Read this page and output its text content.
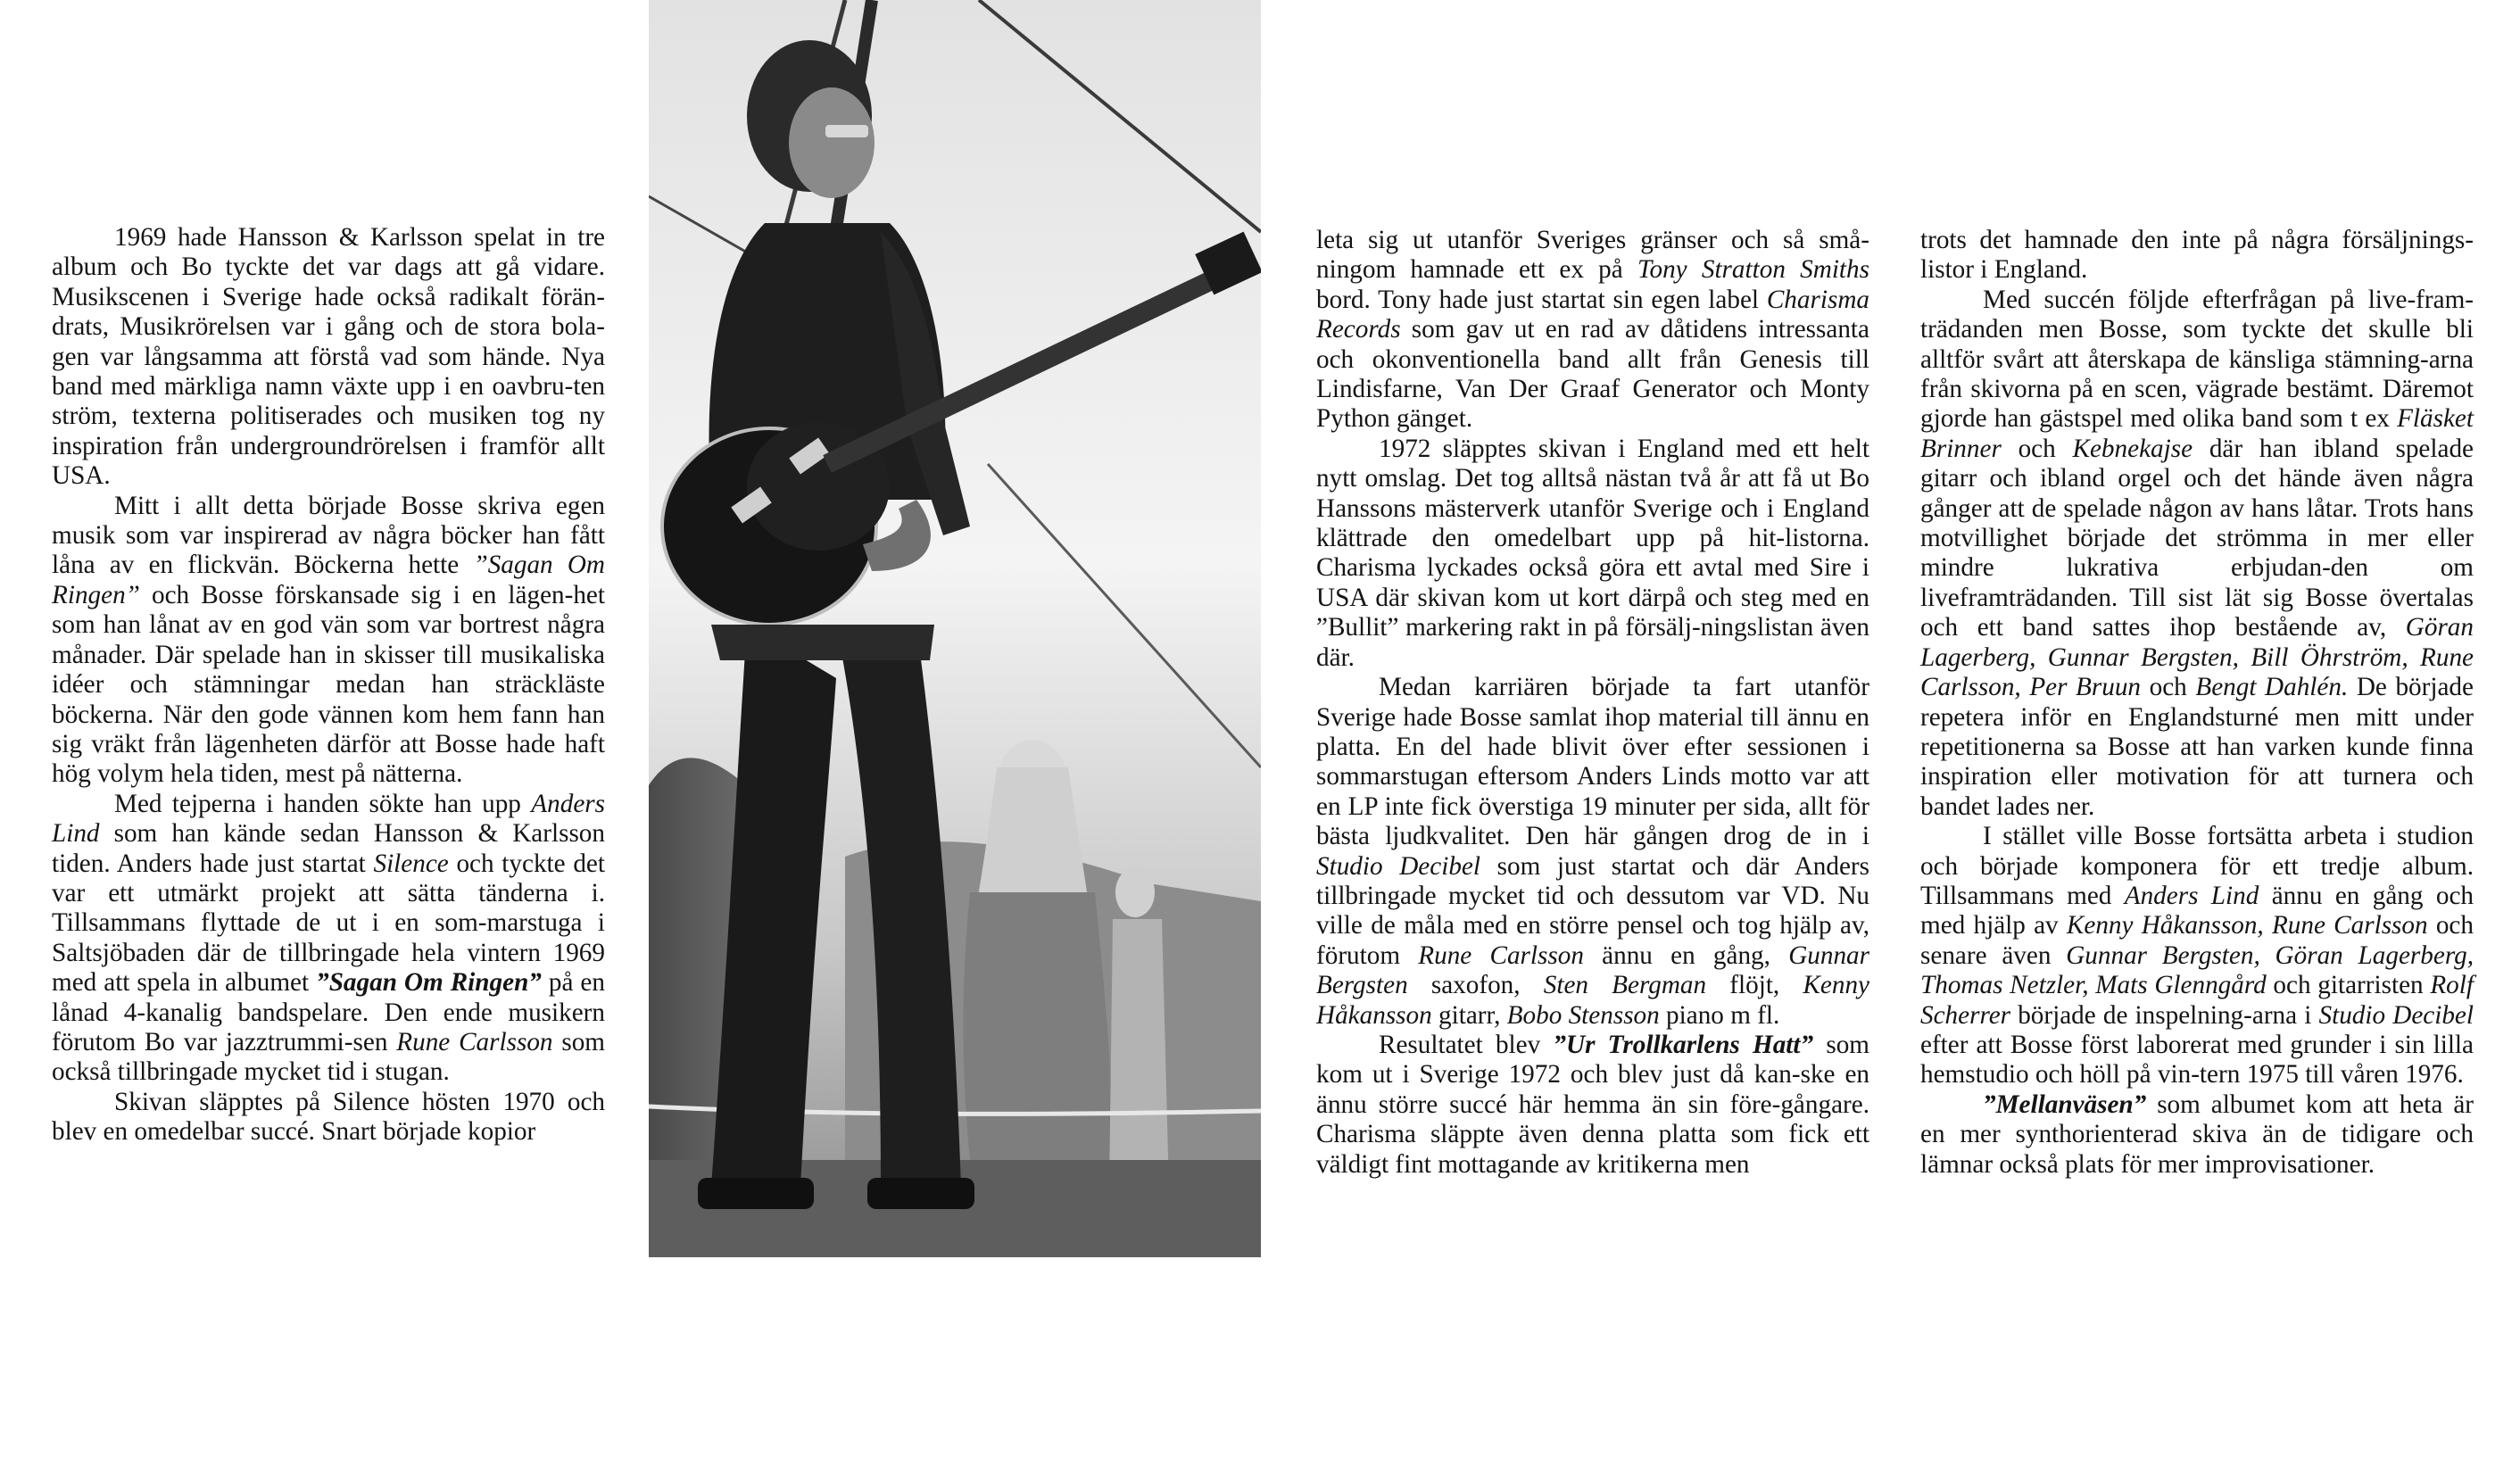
1969 hade Hansson & Karlsson spelat in tre album och Bo tyckte det var dags att gå vidare. Musikscenen i Sverige hade också radikalt förän-drats, Musikrörelsen var i gång och de stora bola-gen var långsamma att förstå vad som hände. Nya band med märkliga namn växte upp i en oavbru-ten ström, texterna politiserades och musiken tog ny inspiration från undergroundrörelsen i framför allt USA.

Mitt i allt detta började Bosse skriva egen musik som var inspirerad av några böcker han fått låna av en flickvän. Böckerna hette ”Sagan Om Ringen” och Bosse förskansade sig i en lägen-het som han lånat av en god vän som var bortrest några månader. Där spelade han in skisser till musikaliska idéer och stämningar medan han sträckläste böckerna. När den gode vännen kom hem fann han sig vräkt från lägenheten därför att Bosse hade haft hög volym hela tiden, mest på nätterna.

Med tejperna i handen sökte han upp Anders Lind som han kände sedan Hansson & Karlsson tiden. Anders hade just startat Silence och tyckte det var ett utmärkt projekt att sätta tänderna i. Tillsammans flyttade de ut i en som-marstuga i Saltsjöbaden där de tillbringade hela vintern 1969 med att spela in albumet ”Sagan Om Ringen” på en lånad 4-kanalig bandspelare. Den ende musikern förutom Bo var jazztrummi-sen Rune Carlsson som också tillbringade mycket tid i stugan.

Skivan släpptes på Silence hösten 1970 och blev en omedelbar succé. Snart började kopior

leta sig ut utanför Sveriges gränser och så små-ningom hamnade ett ex på Tony Stratton Smiths bord. Tony hade just startat sin egen label Charisma Records som gav ut en rad av dåtidens intressanta och okonventionella band allt från Genesis till Lindisfarne, Van Der Graaf Generator och Monty Python gänget.

1972 släpptes skivan i England med ett helt nytt omslag. Det tog alltså nästan två år att få ut Bo Hanssons mästerverk utanför Sverige och i England klättrade den omedelbart upp på hit-listorna. Charisma lyckades också göra ett avtal med Sire i USA där skivan kom ut kort därpå och steg med en ”Bullit” markering rakt in på försälj-ningslistan även där.

Medan karriären började ta fart utanför Sverige hade Bosse samlat ihop material till ännu en platta. En del hade blivit över efter sessionen i sommarstugan eftersom Anders Linds motto var att en LP inte fick överstiga 19 minuter per sida, allt för bästa ljudkvalitet. Den här gången drog de in i Studio Decibel som just startat och där Anders tillbringade mycket tid och dessutom var VD. Nu ville de måla med en större pensel och tog hjälp av, förutom Rune Carlsson ännu en gång, Gunnar Bergsten saxofon, Sten Bergman flöjt, Kenny Håkansson gitarr, Bobo Stensson piano m fl.

Resultatet blev ”Ur Trollkarlens Hatt” som kom ut i Sverige 1972 och blev just då kan-ske en ännu större succé här hemma än sin före-gångare. Charisma släppte även denna platta som fick ett väldigt fint mottagande av kritikerna men

trots det hamnade den inte på några försäljnings-listor i England.

Med succén följde efterfrågan på live-fram-trädanden men Bosse, som tyckte det skulle bli alltför svårt att återskapa de känsliga stämning-arna från skivorna på en scen, vägrade bestämt. Däremot gjorde han gästspel med olika band som t ex Fläsket Brinner och Kebnekajse där han ibland spelade gitarr och ibland orgel och det hände även några gånger att de spelade någon av hans låtar. Trots hans motvillighet började det strömma in mer eller mindre lukrativa erbjudan-den om liveframträdanden. Till sist lät sig Bosse övertalas och ett band sattes ihop bestående av, Göran Lagerberg, Gunnar Bergsten, Bill Öhrström, Rune Carlsson, Per Bruun och Bengt Dahlén. De började repetera inför en Englandsturné men mitt under repetitionerna sa Bosse att han varken kunde finna inspiration eller motivation för att turnera och bandet lades ner.

I stället ville Bosse fortsätta arbeta i studion och började komponera för ett tredje album. Tillsammans med Anders Lind ännu en gång och med hjälp av Kenny Håkansson, Rune Carlsson och senare även Gunnar Bergsten, Göran Lagerberg, Thomas Netzler, Mats Glenngård och gitarristen Rolf Scherrer började de inspelning-arna i Studio Decibel efter att Bosse först laborerat med grunder i sin lilla hemstudio och höll på vin-tern 1975 till våren 1976.

”Mellanväsen” som albumet kom att heta är en mer synthorienterad skiva än de tidigare och lämnar också plats för mer improvisationer.
